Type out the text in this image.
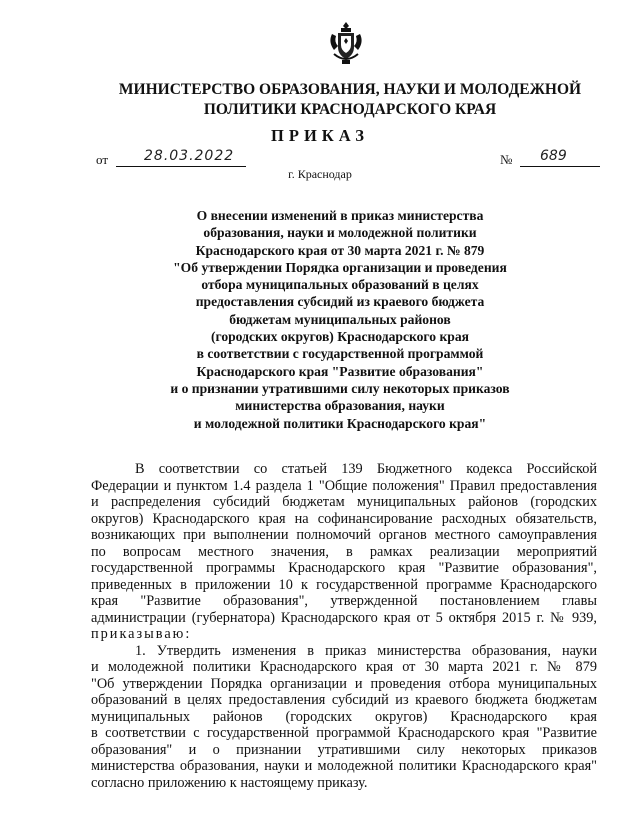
МИНИСТЕРСТВО ОБРАЗОВАНИЯ, НАУКИ И МОЛОДЕЖНОЙ
ПОЛИТИКИ КРАСНОДАРСКОГО КРАЯ
ПРИКАЗ
от	28.03.2022	№ 689
г. Краснодар
О внесении изменений в приказ министерства
образования, науки и молодежной политики
Краснодарского края от 30 марта 2021 г. № 879
"Об утверждении Порядка организации и проведения
отбора муниципальных образований в целях
предоставления субсидий из краевого бюджета
бюджетам муниципальных районов
(городских округов) Краснодарского края
в соответствии с государственной программой
Краснодарского края "Развитие образования"
и о признании утратившими силу некоторых приказов
министерства образования, науки
и молодежной политики Краснодарского края"
В соответствии со статьей 139 Бюджетного кодекса Российской
Федерации и пунктом 1.4 раздела 1 "Общие положения" Правил предоставления
и распределения субсидий бюджетам муниципальных районов (городских
округов) Краснодарского края на софинансирование расходных обязательств,
возникающих при выполнении полномочий органов местного самоуправления
по вопросам местного значения, в рамках реализации мероприятий
государственной программы Краснодарского края "Развитие образования",
приведенных в приложении 10 к государственной программе Краснодарского
края "Развитие образования", утвержденной постановлением главы
администрации (губернатора) Краснодарского края от 5 октября 2015 г. № 939,
приказываю:
1. Утвердить изменения в приказ министерства образования, науки
и молодежной политики Краснодарского края от 30 марта 2021 г. № 879
"Об утверждении Порядка организации и проведения отбора муниципальных
образований в целях предоставления субсидий из краевого бюджета бюджетам
муниципальных районов (городских округов) Краснодарского края
в соответствии с государственной программой Краснодарского края "Развитие
образования" и о признании утратившими силу некоторых приказов
министерства образования, науки и молодежной политики Краснодарского края"
согласно приложению к настоящему приказу.
